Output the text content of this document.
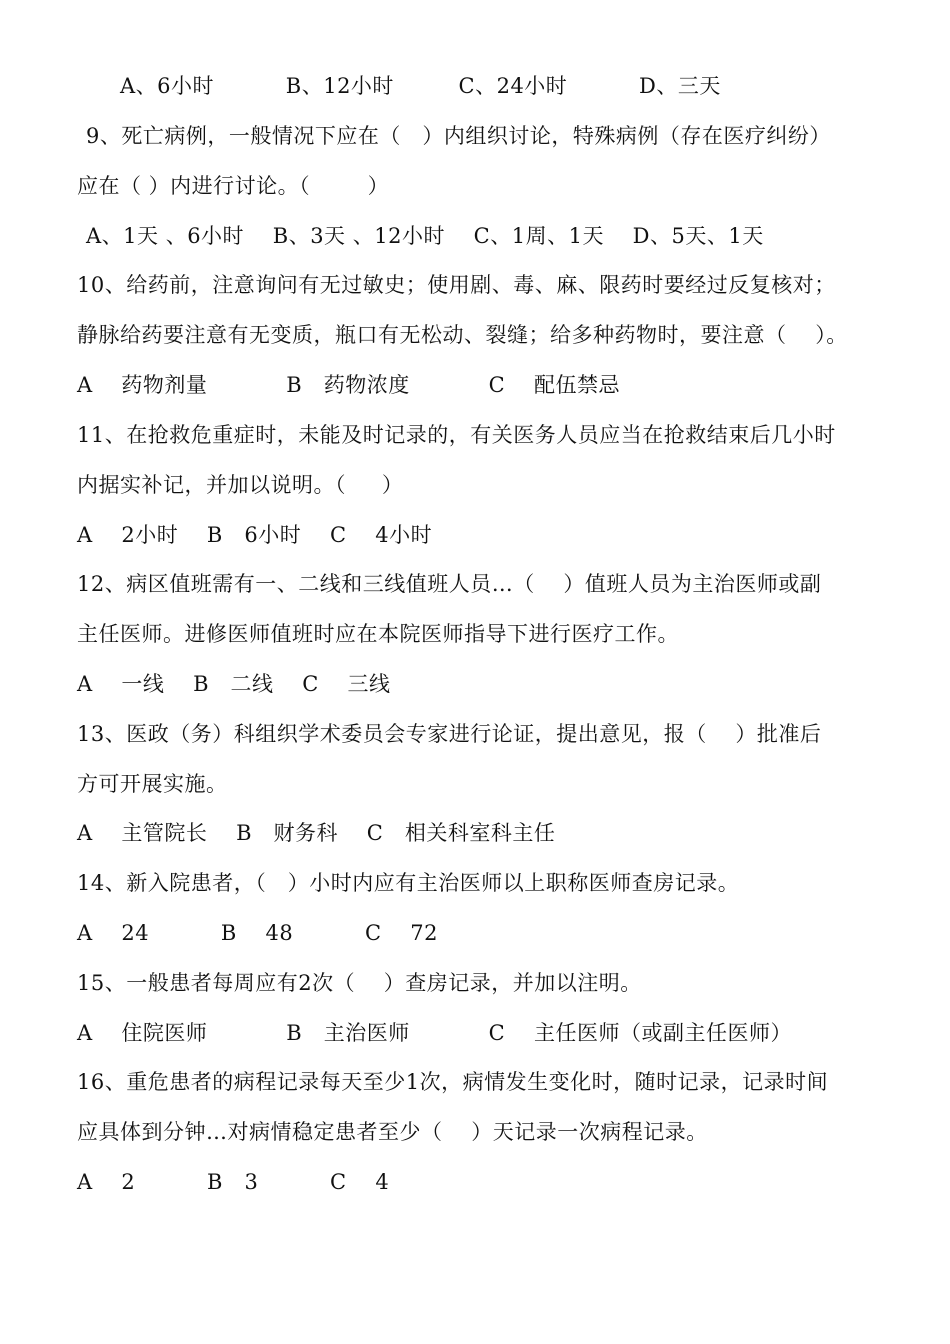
A、6小时          B、12小时         C、24小时          D、三天
9、死亡病例，一般情况下应在（   ）内组织讨论，特殊病例（存在医疗纠纷）
应在（ ）内进行讨论。（        ）
A、1天 、6小时    B、3天 、12小时    C、1周、1天    D、5天、1天
10、给药前，注意询问有无过敏史；使用剧、毒、麻、限药时要经过反复核对；
静脉给药要注意有无变质，瓶口有无松动、裂缝；给多种药物时，要注意（    ）。
A    药物剂量           B   药物浓度           C    配伍禁忌
11、在抢救危重症时，未能及时记录的，有关医务人员应当在抢救结束后几小时
内据实补记，并加以说明。（     ）
A    2小时    B   6小时    C    4小时
12、病区值班需有一、二线和三线值班人员…（    ）值班人员为主治医师或副
主任医师。进修医师值班时应在本院医师指导下进行医疗工作。
A    一线    B   二线    C    三线
13、医政（务）科组织学术委员会专家进行论证，提出意见，报（    ）批准后
方可开展实施。
A    主管院长    B   财务科    C   相关科室科主任
14、新入院患者，（   ）小时内应有主治医师以上职称医师查房记录。
A    24          B    48          C    72
15、一般患者每周应有2次（    ）查房记录，并加以注明。
A    住院医师           B   主治医师           C    主任医师（或副主任医师）
16、重危患者的病程记录每天至少1次，病情发生变化时，随时记录，记录时间
应具体到分钟…对病情稳定患者至少（    ）天记录一次病程记录。
A    2          B   3          C    4
